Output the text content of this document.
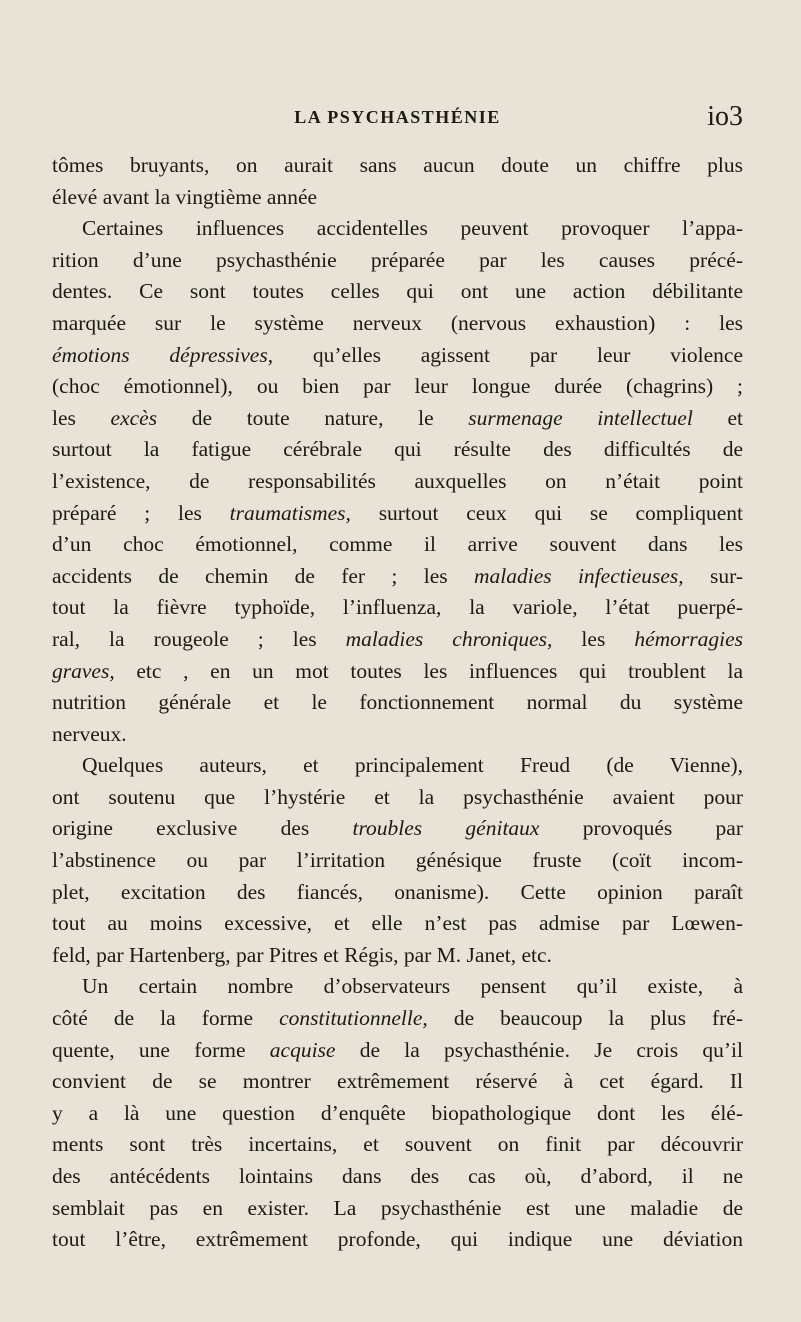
LA PSYCHASTHÉNIE	io3
tômes bruyants, on aurait sans aucun doute un chiffre plus
élevé avant la vingtième année
Certaines influences accidentelles peuvent provoquer l’appa-
rition d’une psychasthénie préparée par les causes précé-
dentes. Ce sont toutes celles qui ont une action débilitante
marquée sur le système nerveux (nervous exhaustion) : les
émotions dépressives, qu’elles agissent par leur violence
(choc émotionnel), ou bien par leur longue durée (chagrins) ;
les excès de toute nature, le surmenage intellectuel et
surtout la fatigue cérébrale qui résulte des difficultés de
l’existence, de responsabilités auxquelles on n’était point
préparé ; les traumatismes, surtout ceux qui se compliquent
d’un choc émotionnel, comme il arrive souvent dans les
accidents de chemin de fer ; les maladies infectieuses, sur-
tout la fièvre typhoïde, l’influenza, la variole, l’état puerpé-
ral, la rougeole ; les maladies chroniques, les hémorragies
graves, etc , en un mot toutes les influences qui troublent la
nutrition générale et le fonctionnement normal du système
nerveux.
Quelques auteurs, et principalement Freud (de Vienne),
ont soutenu que l’hystérie et la psychasthénie avaient pour
origine exclusive des troubles génitaux provoqués par
l’abstinence ou par l’irritation génésique fruste (coït incom-
plet, excitation des fiancés, onanisme). Cette opinion paraît
tout au moins excessive, et elle n’est pas admise par Lœwen-
feld, par Hartenberg, par Pitres et Régis, par M. Janet, etc.
Un certain nombre d’observateurs pensent qu’il existe, à
côté de la forme constitutionnelle, de beaucoup la plus fré-
quente, une forme acquise de la psychasthénie. Je crois qu’il
convient de se montrer extrêmement réservé à cet égard. Il
y a là une question d’enquête biopathologique dont les élé-
ments sont très incertains, et souvent on finit par découvrir
des antécédents lointains dans des cas où, d’abord, il ne
semblait pas en exister. La psychasthénie est une maladie de
tout l’être, extrêmement profonde, qui indique une déviation
